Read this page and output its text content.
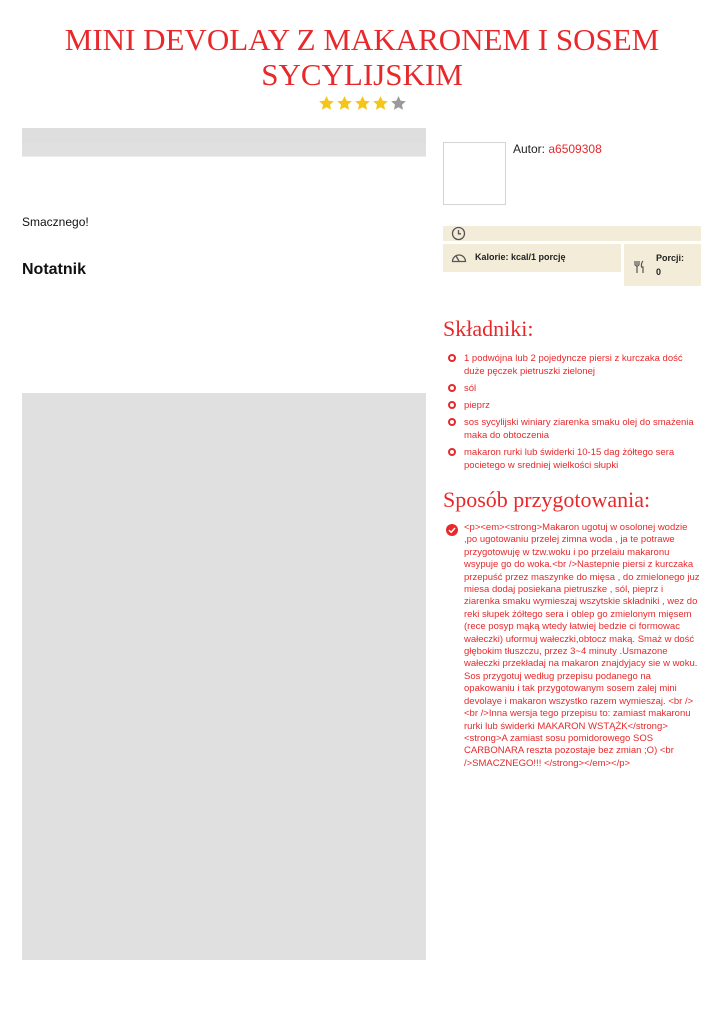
MINI DEVOLAY Z MAKARONEM I SOSEM SYCYLIJSKIM
Smacznego!
Notatnik
Autor: a6509308
Kalorie: kcal/1 porcję	Porcji:
0
Składniki:
1 podwójna lub 2 pojedyncze piersi z kurczaka dość duże pęczek pietruszki zielonej
sól
pieprz
sos sycylijski winiary ziarenka smaku olej do smażenia maka do obtoczenia
makaron rurki lub świderki 10-15 dag żółtego sera pocietego w sredniej wielkości słupki
Sposób przygotowania:
<p><em><strong>Makaron ugotuj w osolonej wodzie ,po ugotowaniu przelej zimna woda , ja te potrawe przygotowuję w tzw.woku i po przelaiu makaronu wsypuje go do woka.<br />Nastepnie piersi z kurczaka przepuść przez maszynke do mięsa , do zmielonego juz miesa dodaj posiekana pietruszke , sól, pieprz i ziarenka smaku wymieszaj wszytskie składniki , wez do reki słupek żółtego sera i oblep go zmielonym mięsem (rece posyp mąką wtedy łatwiej bedzie ci formowac wałeczki) uformuj wałeczki,obtocz maką. Smaż w dość głębokim tłuszczu, przez 3~4 minuty .Usmazone wałeczki przekładaj na makaron znajdyjacy sie w woku. Sos przygotuj według przepisu podanego na opakowaniu i tak przygotowanym sosem zalej mini devolaye i makaron wszystko razem wymieszaj. <br /><br />Inna wersja tego przepisu to: zamiast makaronu rurki lub świderki MAKARON WSTĄŻK</strong><strong>A zamiast sosu pomidorowego SOS CARBONARA reszta pozostaje bez zmian ;O) <br />SMACZNEGO!!! </strong></em></p>
